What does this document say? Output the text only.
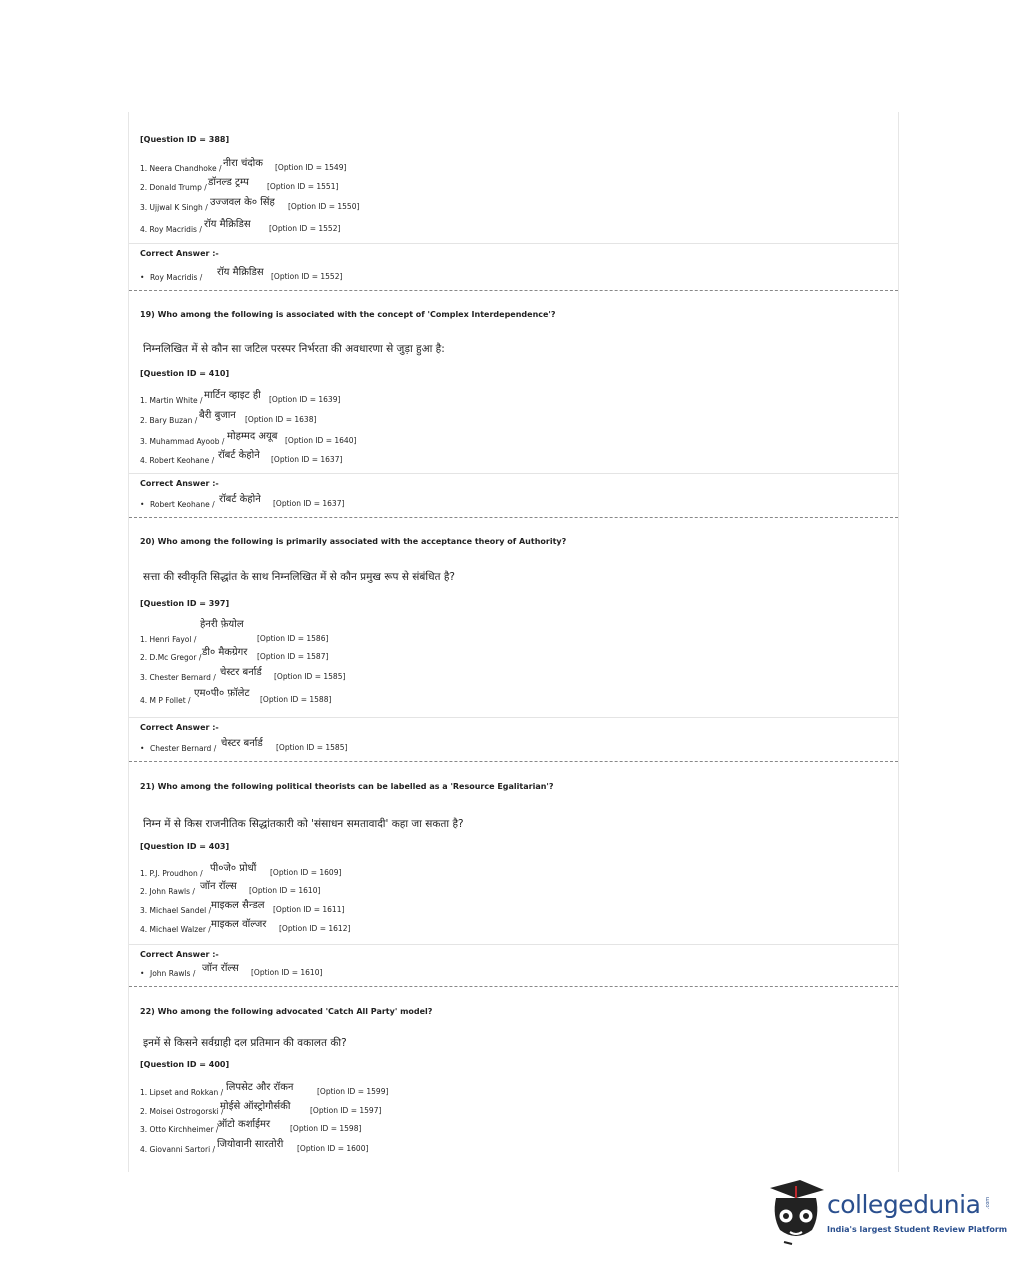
[Question ID = 388]
1. Neera Chandhoke / नीरा चंदोक [Option ID = 1549]
2. Donald Trump / डॉनल्ड ट्रम्प [Option ID = 1551]
3. Ujjwal K Singh / उज्जवल के० सिंह [Option ID = 1550]
4. Roy Macridis / रॉय मैक्रिडिस [Option ID = 1552]
Correct Answer :-
• Roy Macridis / रॉय मैक्रिडिस [Option ID = 1552]
19) Who among the following is associated with the concept of 'Complex Interdependence'?
निम्नलिखित में से कौन सा जटिल परस्पर निर्भरता की अवधारणा से जुड़ा हुआ है:
[Question ID = 410]
1. Martin White / मार्टिन व्हाइट ही [Option ID = 1639]
2. Bary Buzan / बैरी बुजान [Option ID = 1638]
3. Muhammad Ayoob / मोहम्मद अयूब [Option ID = 1640]
4. Robert Keohane / रॉबर्ट केहोने [Option ID = 1637]
Correct Answer :-
• Robert Keohane / रॉबर्ट केहोने [Option ID = 1637]
20) Who among the following is primarily associated with the acceptance theory of Authority?
सत्ता की स्वीकृति सिद्धांत के साथ निम्नलिखित में से कौन प्रमुख रूप से संबंधित है?
[Question ID = 397]
1. Henri Fayol /
हेनरी फ़ेयोल
[Option ID = 1586]
2. D.Mc Gregor / डी० मैकग्रेगर [Option ID = 1587]
3. Chester Bernard / चेस्टर बर्नार्ड [Option ID = 1585]
4. M P Follet /
एम०पी० फ़ॉलेट
[Option ID = 1588]
Correct Answer :-
• Chester Bernard / चेस्टर बर्नार्ड [Option ID = 1585]
21) Who among the following political theorists can be labelled as a 'Resource Egalitarian'?
निम्न में से किस राजनीतिक सिद्धांतकारी को 'संसाधन समतावादी' कहा जा सकता है?
[Question ID = 403]
1. P.J. Proudhon / पी०जे० प्रोधौं [Option ID = 1609]
2. John Rawls / जॉन रॉल्स [Option ID = 1610]
3. Michael Sandel / माइकल सैन्डल [Option ID = 1611]
4. Michael Walzer / माइकल वॉल्जर [Option ID = 1612]
Correct Answer :-
• John Rawls / जॉन रॉल्स [Option ID = 1610]
22) Who among the following advocated 'Catch All Party' model?
इनमें से किसने सर्वग्राही दल प्रतिमान की वकालत की?
[Question ID = 400]
1. Lipset and Rokkan / लिपसेट और रॉकन	[Option ID = 1599]
2. Moisei Ostrogorski /
मोईसे ऑस्ट्रोगौर्सकी	[Option ID = 1597]
3. Otto Kirchheimer /
ऑटो कर्शाईमर	[Option ID = 1598]
4. Giovanni Sartori / जियोवानी सारतोरी [Option ID = 1600]
collegedunia .com
India's largest Student Review Platform
